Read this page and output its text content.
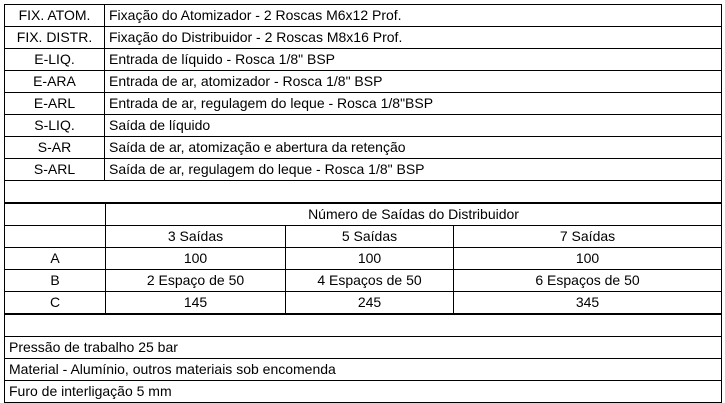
FIX. ATOM.	Fixação do Atomizador - 2 Roscas M6x12 Prof.
FIX. DISTR.	Fixação do Distribuidor - 2 Roscas M8x16 Prof.
E-LIQ.	Entrada de líquido - Rosca 1/8" BSP
E-ARA	Entrada de ar, atomizador - Rosca 1/8" BSP
E-ARL	Entrada de ar, regulagem do leque - Rosca 1/8"BSP
S-LIQ.	Saída de líquido
S-AR	Saída de ar, atomização e abertura da retenção
S-ARL	Saída de ar, regulagem do leque - Rosca 1/8" BSP

	Número de Saídas do Distribuidor		
	3 Saídas	5 Saídas	7 Saídas
A	100	100	100
B	2 Espaço de 50	4 Espaços de 50	6 Espaços de 50
C	145	245	345

Pressão de trabalho 25 bar
Material - Alumínio, outros materiais sob encomenda
Furo de interligação 5 mm
